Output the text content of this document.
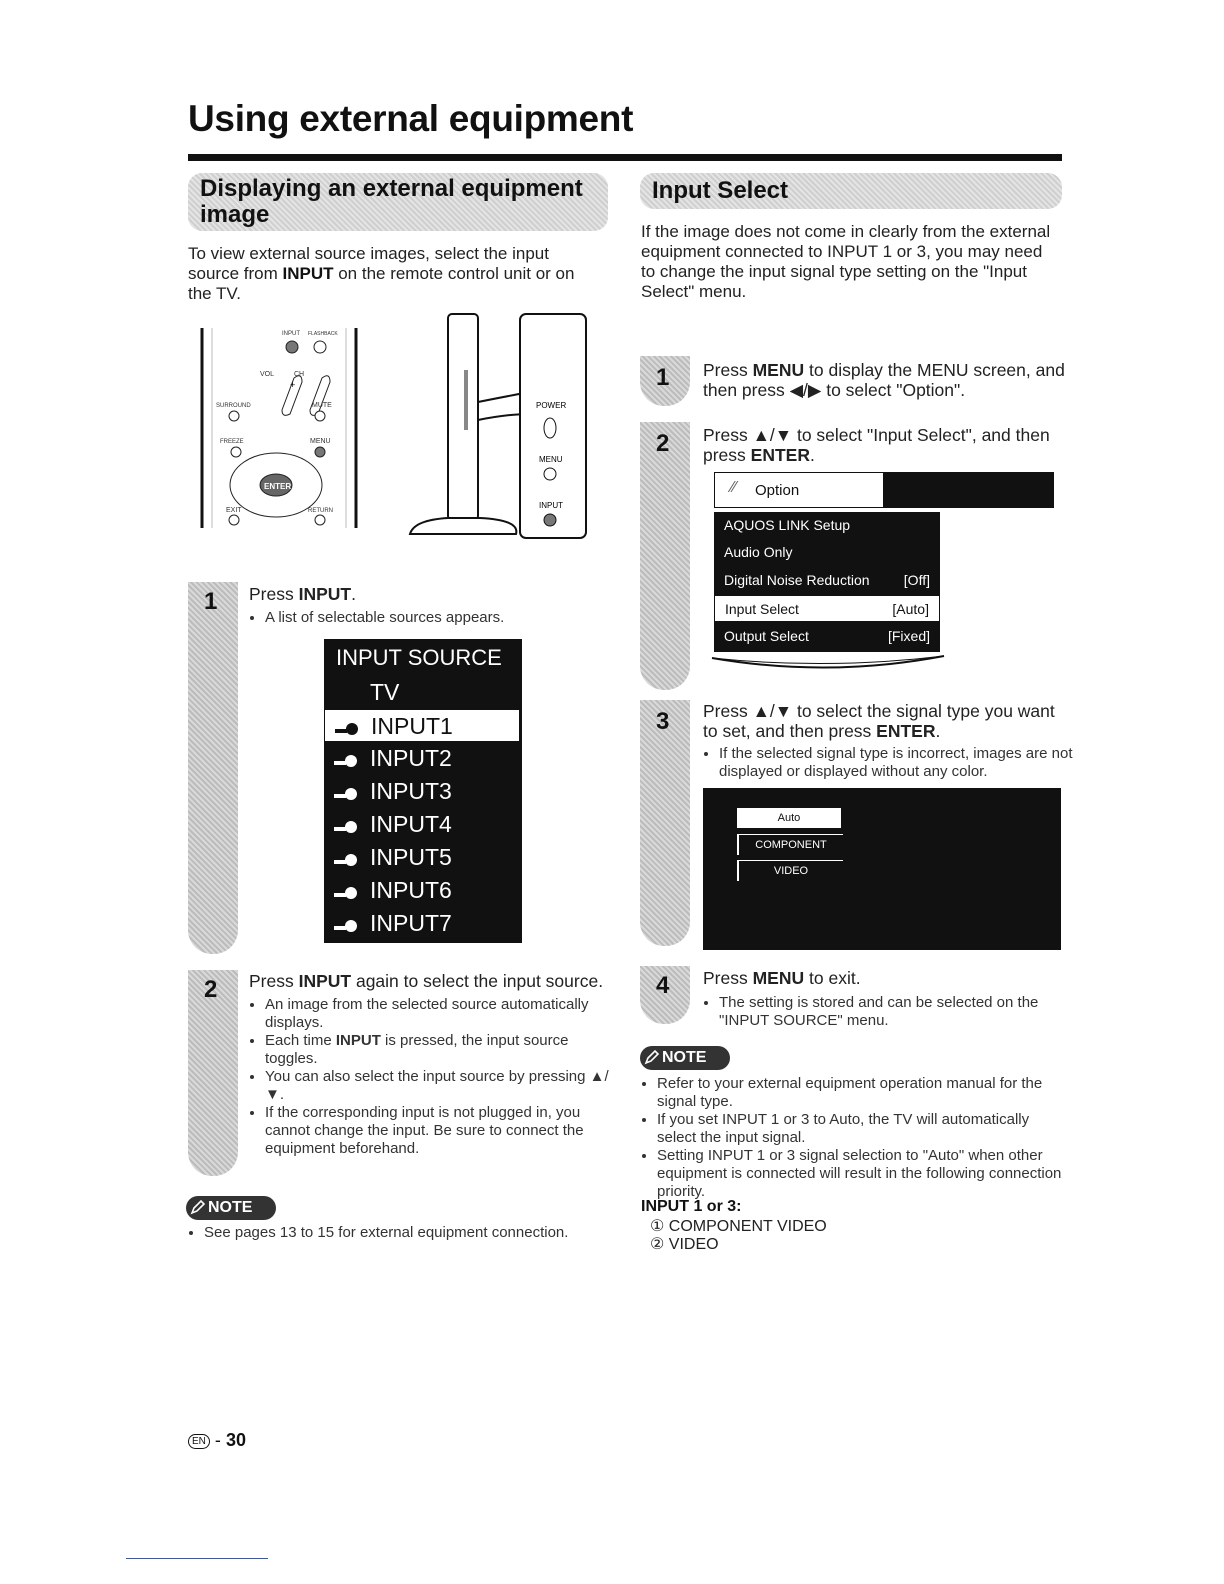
Using external equipment
Displaying an external equipment
image

To view external source images, select the input source from INPUT on the remote control unit or on the TV.

+
ENTER
INPUT FLASHBACK
VOL	CH
SURROUND	MUTE
FREEZE	MENU
EXIT	RETURN
POWER
MENU
INPUT
1 Press INPUT.
• A list of selectable sources appears.
INPUT SOURCE
TV
INPUT1
INPUT2
INPUT3
INPUT4
INPUT5
INPUT6
INPUT7
2 Press INPUT again to select the input source.
• An image from the selected source automatically displays.
• Each time INPUT is pressed, the input source toggles.
• You can also select the input source by pressing ▲/▼.
• If the corresponding input is not plugged in, you cannot change the input. Be sure to connect the equipment beforehand.
NOTE
• See pages 13 to 15 for external equipment connection.
Input Select

If the image does not come in clearly from the external equipment connected to INPUT 1 or 3, you may need to change the input signal type setting on the "Input Select" menu.

1 Press MENU to display the MENU screen, and then press ◀/▶ to select "Option".
2 Press ▲/▼ to select "Input Select", and then press ENTER.
⁄⁄ Option
AQUOS LINK Setup
Audio Only
Digital Noise Reduction [Off]
Input Select	[Auto]
Output Select	[Fixed]
3 Press ▲/▼ to select the signal type you want to set, and then press ENTER.
• If the selected signal type is incorrect, images are not displayed or displayed without any color.
Auto
COMPONENT
VIDEO
4 Press MENU to exit.
• The setting is stored and can be selected on the "INPUT SOURCE" menu.
NOTE
• Refer to your external equipment operation manual for the signal type.
• If you set INPUT 1 or 3 to Auto, the TV will automatically select the input signal.
• Setting INPUT 1 or 3 signal selection to "Auto" when other equipment is connected will result in the following connection priority.
INPUT 1 or 3:
① COMPONENT VIDEO
② VIDEO
EN - 30
